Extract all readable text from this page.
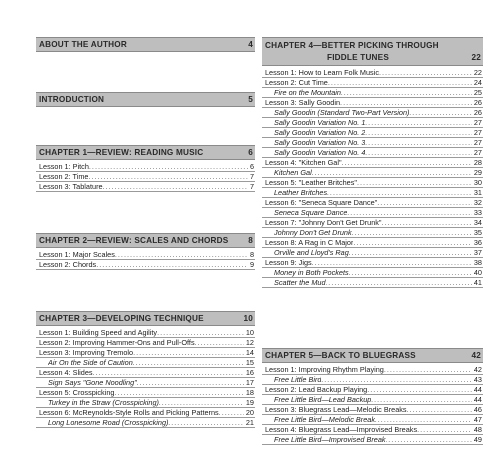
ABOUT THE AUTHOR	4
INTRODUCTION	5
CHAPTER 1—REVIEW: READING MUSIC	6
Lesson 1: Pitch .....	6
Lesson 2: Time .....	7
Lesson 3: Tablature .....	7
CHAPTER 2—REVIEW: SCALES AND CHORDS	8
Lesson 1: Major Scales .....	8
Lesson 2: Chords .....	9
CHAPTER 3—DEVELOPING TECHNIQUE	10
Lesson 1: Building Speed and Agility .....	10
Lesson 2: Improving Hammer-Ons and Pull-Offs .....	12
Lesson 3: Improving Tremolo .....	14
Air On the Side of Caution .....	15
Lesson 4: Slides .....	16
Sign Says "Gone Noodling" .....	17
Lesson 5: Crosspicking .....	18
Turkey in the Straw (Crosspicking) .....	19
Lesson 6: McReynolds-Style Rolls and Picking Patterns .....	20
Long Lonesome Road (Crosspicking) .....	21
CHAPTER 4—BETTER PICKING THROUGH
FIDDLE TUNES	22
Lesson 1: How to Learn Folk Music .....	22
Lesson 2: Cut Time .....	24
Fire on the Mountain .....	25
Lesson 3: Sally Goodin .....	26
Sally Goodin (Standard Two-Part Version) .....	26
Sally Goodin Variation No. 1 .....	27
Sally Goodin Variation No. 2 .....	27
Sally Goodin Variation No. 3 .....	27
Sally Goodin Variation No. 4 .....	27
Lesson 4: "Kitchen Gal" .....	28
Kitchen Gal .....	29
Lesson 5: "Leather Britches" .....	30
Leather Britches .....	31
Lesson 6: "Seneca Square Dance" .....	32
Seneca Square Dance .....	33
Lesson 7: "Johnny Don't Get Drunk" .....	34
Johnny Don't Get Drunk .....	35
Lesson 8: A Rag in C Major .....	36
Orville and Lloyd's Rag .....	37
Lesson 9: Jigs .....	38
Money in Both Pockets .....	40
Scatter the Mud .....	41
CHAPTER 5—BACK TO BLUEGRASS	42
Lesson 1: Improving Rhythm Playing .....	42
Free Little Bird .....	43
Lesson 2: Lead Backup Playing .....	44
Free Little Bird—Lead Backup .....	44
Lesson 3: Bluegrass Lead—Melodic Breaks .....	46
Free Little Bird—Melodic Break .....	47
Lesson 4: Bluegrass Lead—Improvised Breaks .....	48
Free Little Bird—Improvised Break .....	49
